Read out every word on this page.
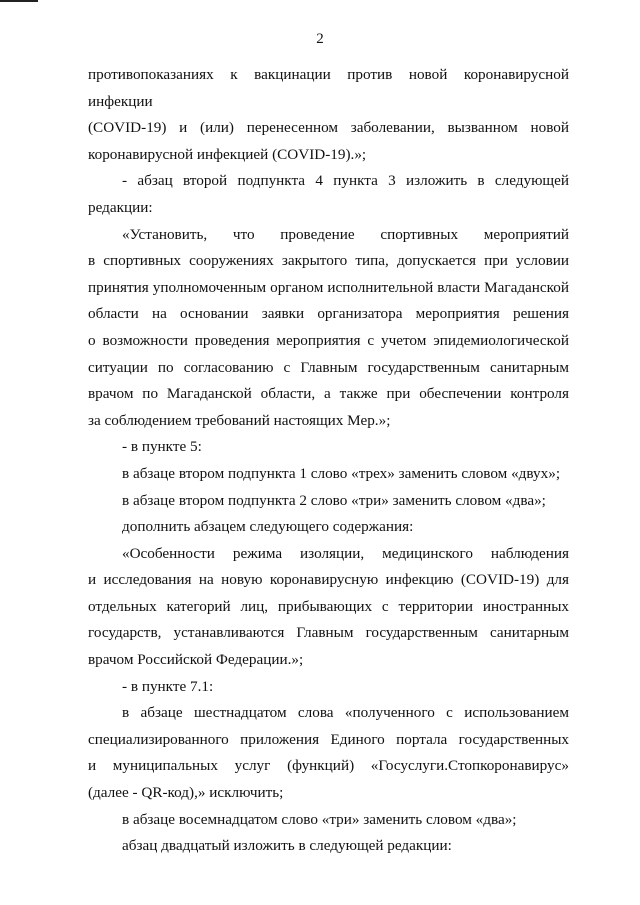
2
противопоказаниях к вакцинации против новой коронавирусной инфекции
(COVID-19) и (или) перенесенном заболевании, вызванном новой
коронавирусной инфекцией (COVID-19).»;
- абзац второй подпункта 4 пункта 3 изложить в следующей
редакции:
«Установить, что проведение спортивных мероприятий
в спортивных сооружениях закрытого типа, допускается при условии
принятия уполномоченным органом исполнительной власти Магаданской
области на основании заявки организатора мероприятия решения
о возможности проведения мероприятия с учетом эпидемиологической
ситуации по согласованию с Главным государственным санитарным
врачом по Магаданской области, а также при обеспечении контроля
за соблюдением требований настоящих Мер.»;
- в пункте 5:
в абзаце втором подпункта 1 слово «трех» заменить словом «двух»;
в абзаце втором подпункта 2 слово «три» заменить словом «два»;
дополнить абзацем следующего содержания:
«Особенности режима изоляции, медицинского наблюдения
и исследования на новую коронавирусную инфекцию (COVID-19) для
отдельных категорий лиц, прибывающих с территории иностранных
государств, устанавливаются Главным государственным санитарным
врачом Российской Федерации.»;
- в пункте 7.1:
в абзаце шестнадцатом слова «полученного с использованием
специализированного приложения Единого портала государственных
и муниципальных услуг (функций) «Госуслуги.Стопкоронавирус»
(далее - QR-код),» исключить;
в абзаце восемнадцатом слово «три» заменить словом «два»;
абзац двадцатый изложить в следующей редакции:
